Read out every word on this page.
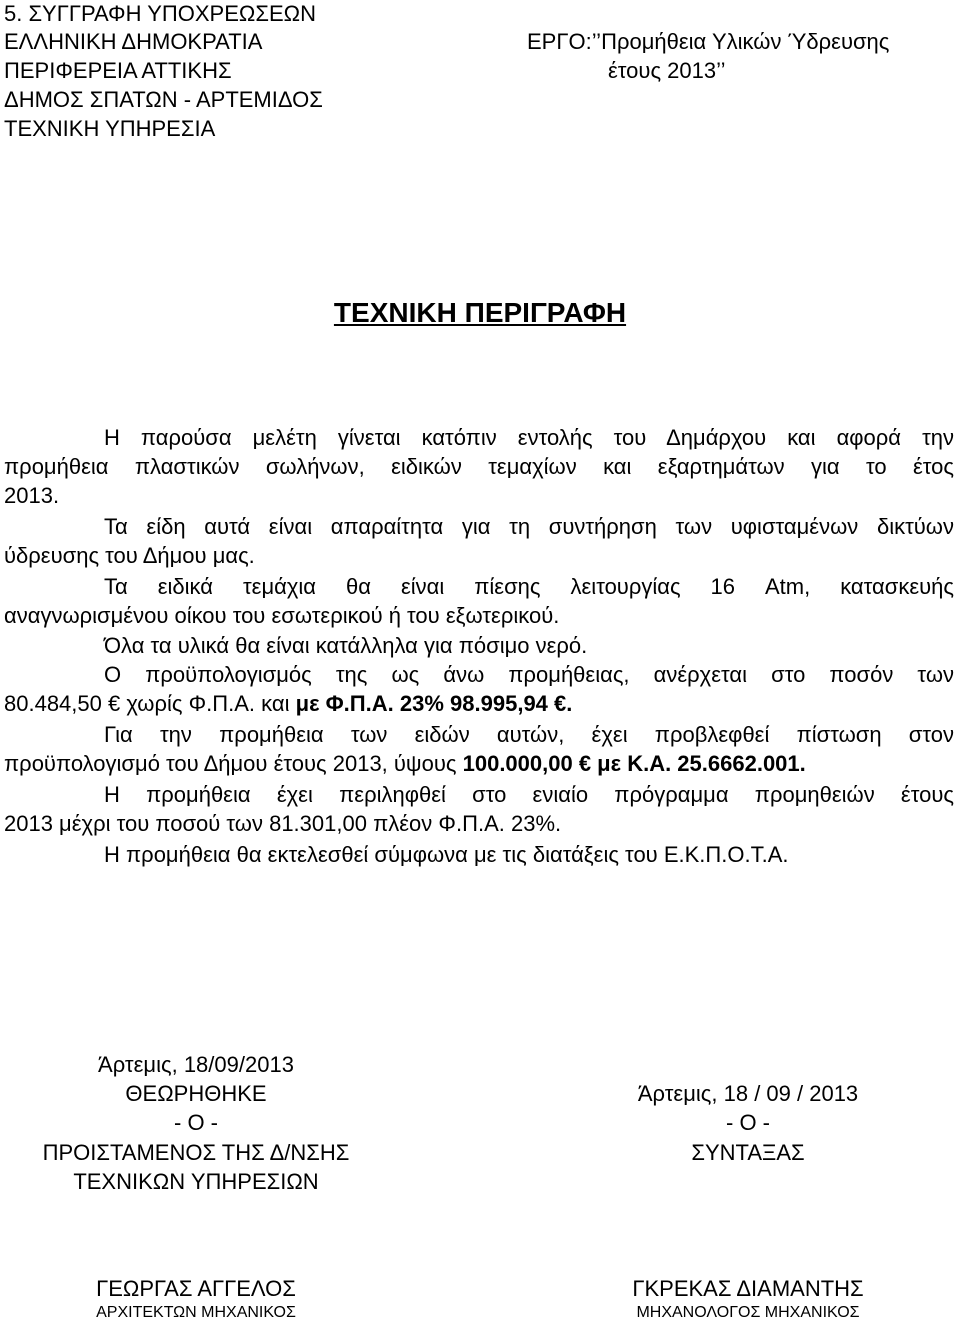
5. ΣΥΓΓΡΑΦΗ ΥΠΟΧΡΕΩΣΕΩΝ
ΕΛΛΗΝΙΚΗ ΔΗΜΟΚΡΑΤΙΑ
ΠΕΡΙΦΕΡΕΙΑ ΑΤΤΙΚΗΣ
ΔΗΜΟΣ ΣΠΑΤΩΝ - ΑΡΤΕΜΙΔΟΣ
ΤΕΧΝΙΚΗ ΥΠΗΡΕΣΙΑ
ΕΡΓΟ:’’Προμήθεια Υλικών Ύδρευσης
έτους 2013’’
ΤΕΧΝΙΚΗ ΠΕΡΙΓΡΑΦΗ
Η παρούσα μελέτη γίνεται κατόπιν εντολής του Δημάρχου και αφορά την
προμήθεια πλαστικών σωλήνων, ειδικών τεμαχίων και εξαρτημάτων για το έτος
2013.
Τα είδη αυτά είναι απαραίτητα για τη συντήρηση των υφισταμένων δικτύων
ύδρευσης του Δήμου μας.
Τα ειδικά τεμάχια θα είναι πίεσης λειτουργίας 16 Atm, κατασκευής
αναγνωρισμένου οίκου του εσωτερικού ή του εξωτερικού.
Όλα τα υλικά θα είναι κατάλληλα για πόσιμο νερό.
Ο προϋπολογισμός της ως άνω προμήθειας, ανέρχεται στο ποσόν των
80.484,50 € χωρίς Φ.Π.Α. και με Φ.Π.Α. 23% 98.995,94 €.
Για την προμήθεια των ειδών αυτών, έχει προβλεφθεί πίστωση στον
προϋπολογισμό του Δήμου έτους 2013, ύψους 100.000,00 € με Κ.Α. 25.6662.001.
Η προμήθεια έχει περιληφθεί στο ενιαίο πρόγραμμα προμηθειών έτους
2013 μέχρι του ποσού των 81.301,00 πλέον Φ.Π.Α. 23%.
Η προμήθεια θα εκτελεσθεί σύμφωνα με τις διατάξεις του Ε.Κ.Π.Ο.Τ.Α.
Άρτεμις, 18/09/2013
ΘΕΩΡΗΘΗΚΕ
- Ο -
ΠΡΟΙΣΤΑΜΕΝΟΣ ΤΗΣ Δ/ΝΣΗΣ
ΤΕΧΝΙΚΩΝ ΥΠΗΡΕΣΙΩΝ
ΓΕΩΡΓΑΣ ΑΓΓΕΛΟΣ
ΑΡΧΙΤΕΚΤΩΝ ΜΗΧΑΝΙΚΟΣ
Άρτεμις, 18 / 09 / 2013
- Ο -
ΣΥΝΤΑΞΑΣ
ΓΚΡΕΚΑΣ ΔΙΑΜΑΝΤΗΣ
ΜΗΧΑΝΟΛΟΓΟΣ ΜΗΧΑΝΙΚΟΣ
